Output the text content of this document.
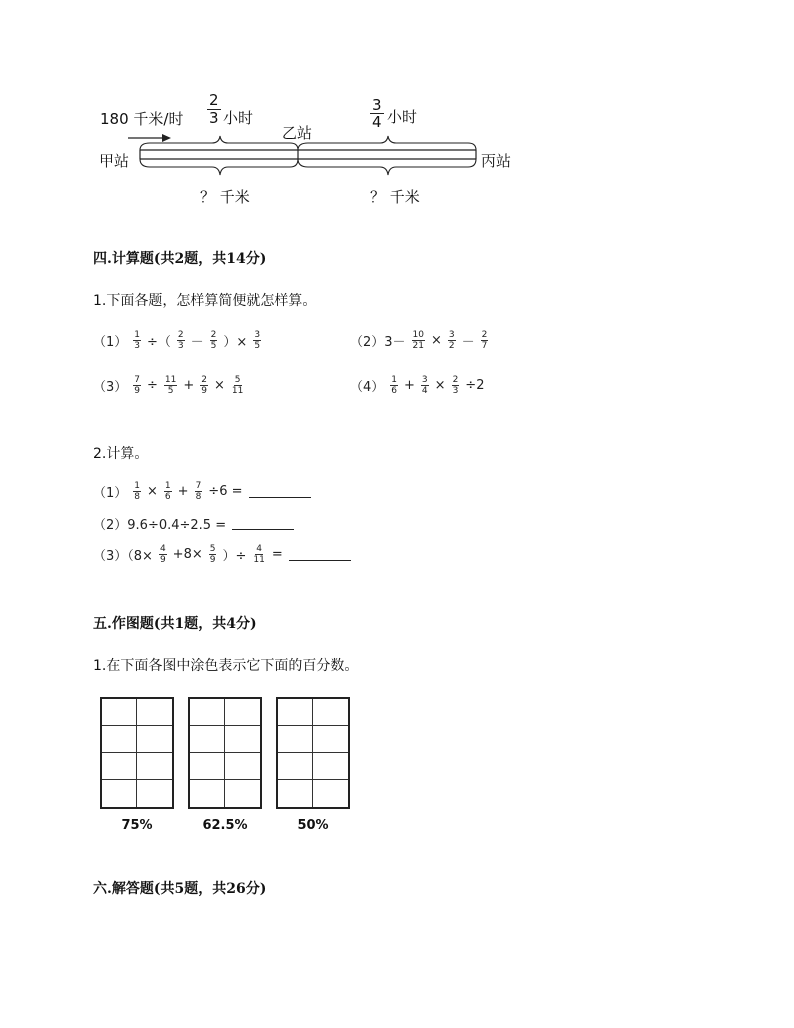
180 千米/时
甲站
乙站
丙站
2
3 小时
3
4 小时
？ 千米	？ 千米
四.计算题(共2题，共14分)
1.下面各题，怎样算简便就怎样算。
$(1) \frac{1}{3}$ ÷（ $\frac{2}{3} - \frac{2}{5}$ ）× $\frac{3}{5}$	$(2)3- \frac{10}{21} \times \frac{3}{2} - \frac{2}{7}$
$(3) \frac{7}{9} \div \frac{11}{5} + \frac{2}{9} \times \frac{5}{11}$	$(4) \frac{1}{6} + \frac{3}{4} \times \frac{2}{3} \div 2$
2.计算。
$(1) \frac{1}{8} \times \frac{1}{6} + \frac{7}{8} \div 6$ =
（2）9.6÷0.4÷2.5 =
$(3)(8\times \frac{4}{9} +8\times \frac{5}{9}$ ）÷ $\frac{4}{11}$ =
五.作图题(共1题，共4分)
1.在下面各图中涂色表示它下面的百分数。
75%	62.5%	50%
六.解答题(共5题，共26分)
